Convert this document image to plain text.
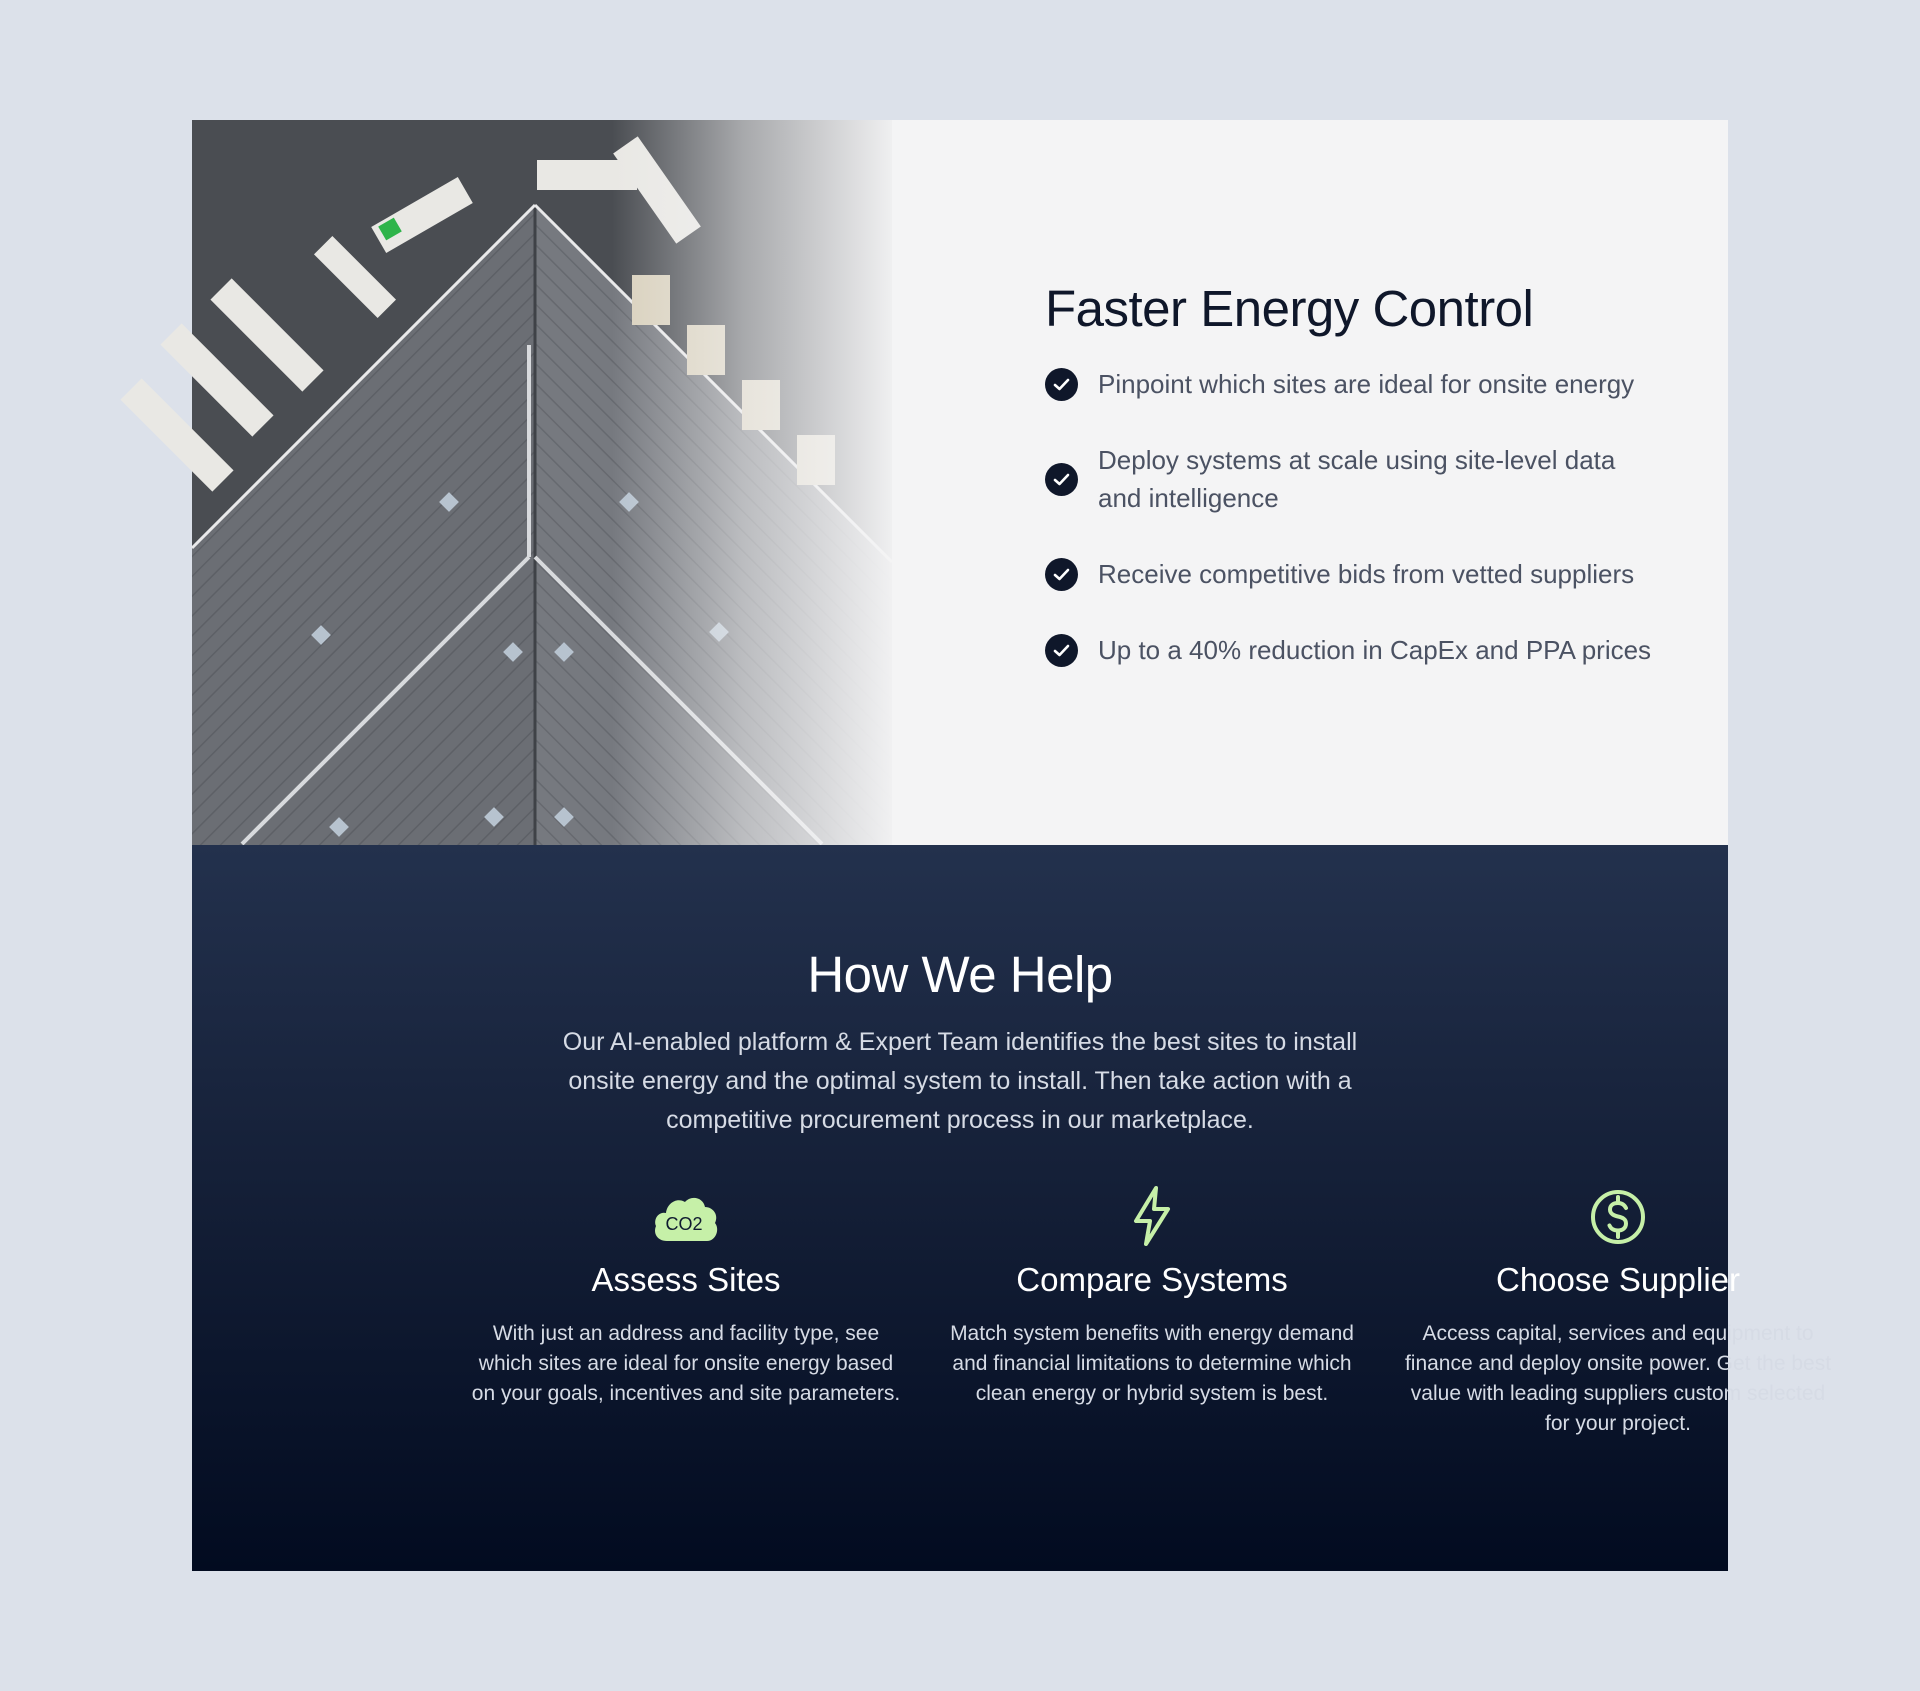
Faster Energy Control
Pinpoint which sites are ideal for onsite energy
Deploy systems at scale using site-level data and intelligence
Receive competitive bids from vetted suppliers
Up to a 40% reduction in CapEx and PPA prices
How We Help

Our AI-enabled platform & Expert Team identifies the best sites to install onsite energy and the optimal system to install. Then take action with a competitive procurement process in our marketplace.

CO2
Assess Sites

With just an address and facility type, see which sites are ideal for onsite energy based on your goals, incentives and site parameters.

Compare Systems

Match system benefits with energy demand and financial limitations to determine which clean energy or hybrid system is best.

Choose Supplier

Access capital, services and equipment to finance and deploy onsite power. Get the best value with leading suppliers custom selected for your project.
